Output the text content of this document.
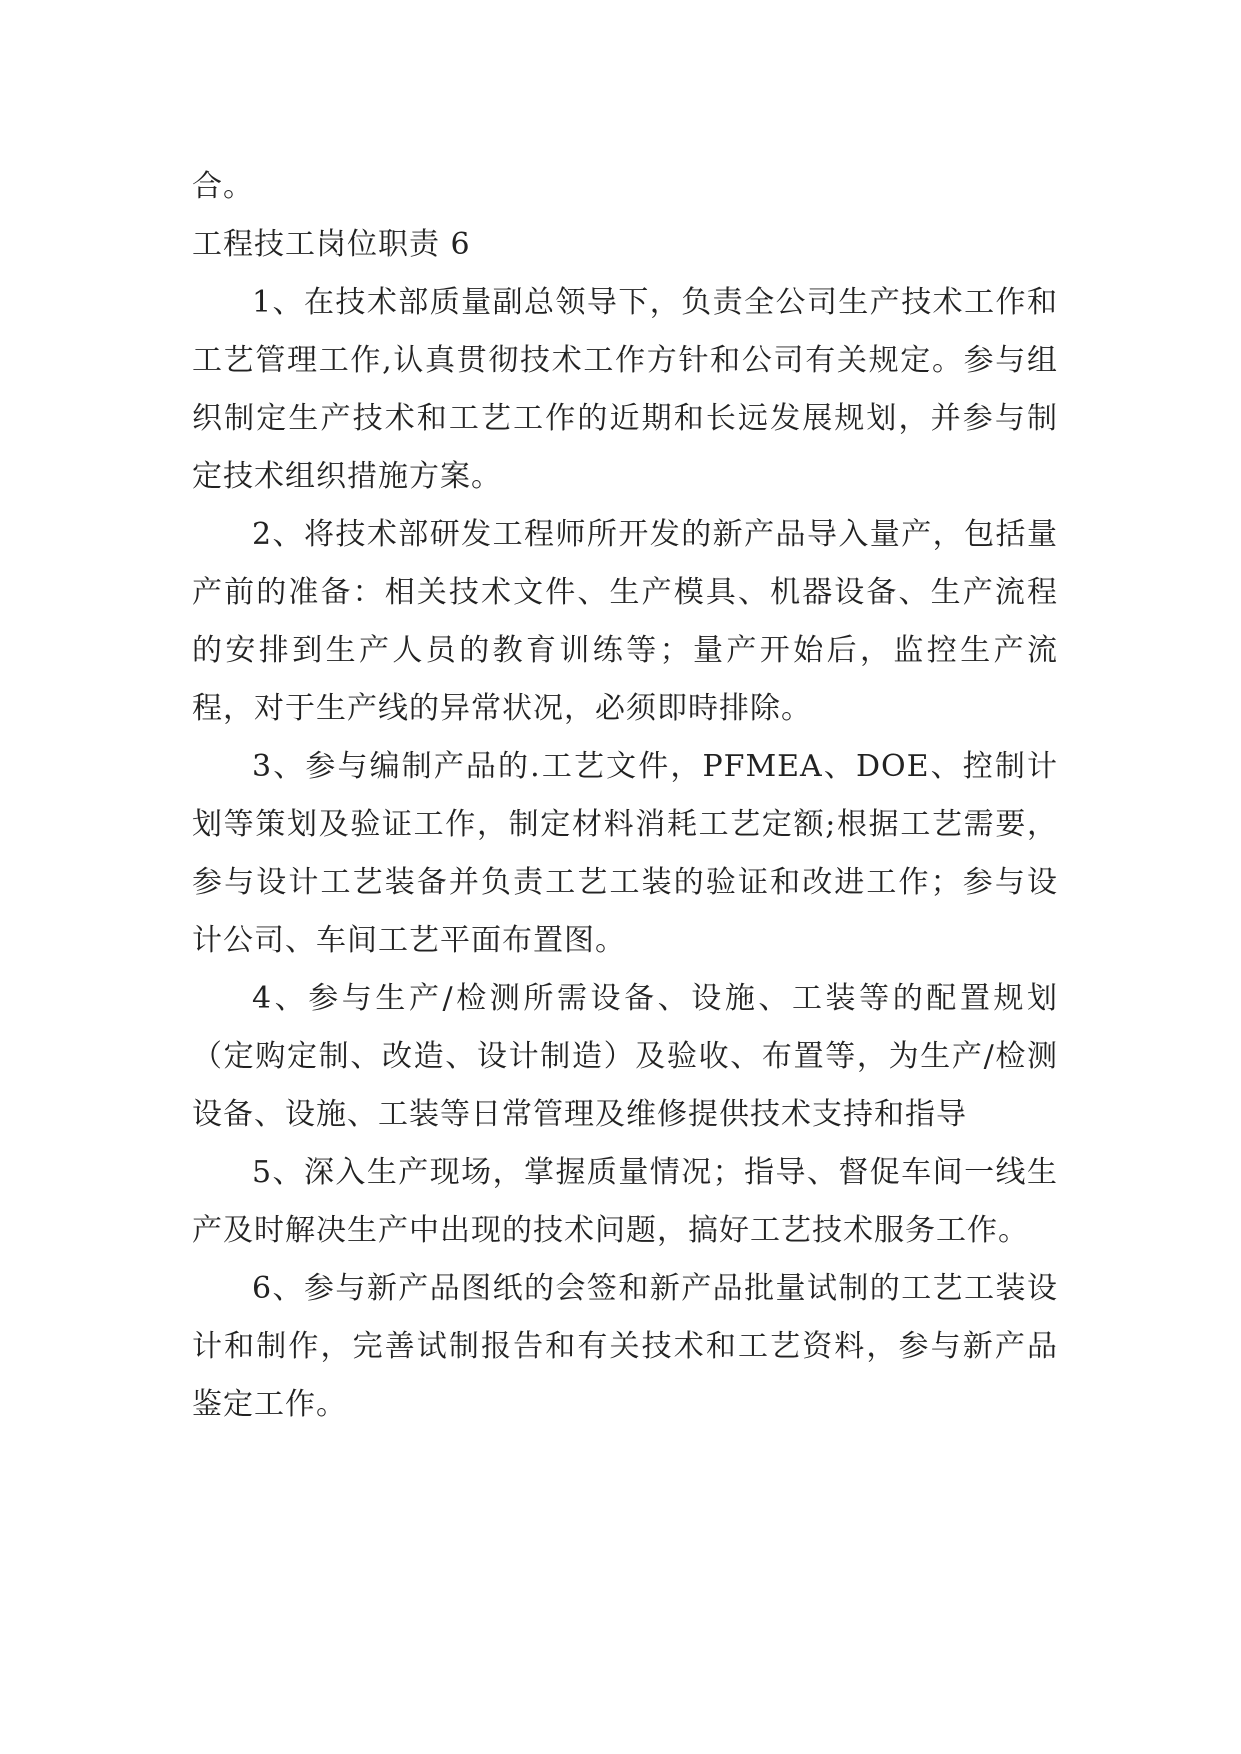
合。

工程技工岗位职责 6

1、在技术部质量副总领导下，负责全公司生产技术工作和工艺管理工作,认真贯彻技术工作方针和公司有关规定。参与组织制定生产技术和工艺工作的近期和长远发展规划，并参与制定技术组织措施方案。

2、将技术部研发工程师所开发的新产品导入量产，包括量产前的准备：相关技术文件、生产模具、机器设备、生产流程的安排到生产人员的教育训练等；量产开始后，监控生产流程，对于生产线的异常状况，必须即時排除。

3、参与编制产品的.工艺文件，PFMEA、DOE、控制计划等策划及验证工作，制定材料消耗工艺定额;根据工艺需要，参与设计工艺装备并负责工艺工装的验证和改进工作；参与设计公司、车间工艺平面布置图。

4、参与生产/检测所需设备、设施、工装等的配置规划（定购定制、改造、设计制造）及验收、布置等，为生产/检测设备、设施、工装等日常管理及维修提供技术支持和指导

5、深入生产现场，掌握质量情况；指导、督促车间一线生产及时解决生产中出现的技术问题，搞好工艺技术服务工作。

6、参与新产品图纸的会签和新产品批量试制的工艺工装设计和制作，完善试制报告和有关技术和工艺资料，参与新产品鉴定工作。
